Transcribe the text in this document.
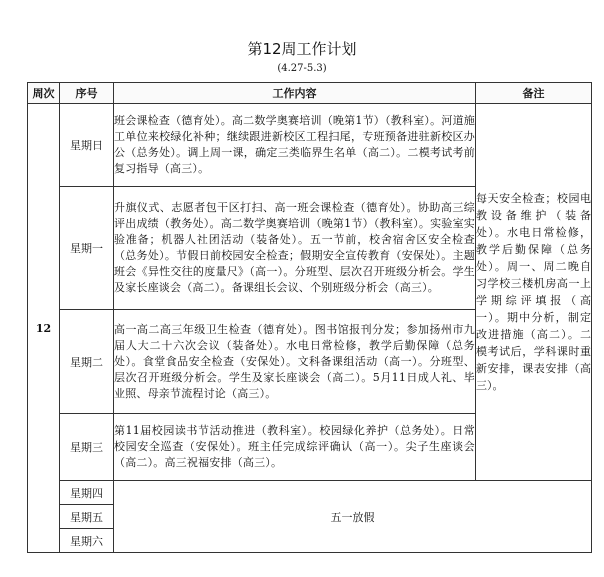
第12周工作计划
(4.27-5.3)
周次	序号	工作内容	备注
12	星期日	班会课检查（德育处）。高二数学奥赛培训（晚第1节）（教科室）。河道施工单位来校绿化补种；继续跟进新校区工程扫尾，专班预备进驻新校区办公（总务处）。调上周一课，确定三类临界生名单（高二）。二模考试考前复习指导（高三）。	每天安全检查；校园电教设备维护（装备处）。水电日常检修，教学后勤保障（总务处）。周一、周二晚自习学校三楼机房高一上学期综评填报（高一）。期中分析，制定改进措施（高二）。二模考试后，学科课时重新安排，课表安排（高三）。
	星期一	升旗仪式、志愿者包干区打扫、高一班会课检查（德育处）。协助高三综评出成绩（教务处）。高二数学奥赛培训（晚第1节）（教科室）。实验室实验准备；机器人社团活动（装备处）。五一节前，校舍宿舍区安全检查（总务处）。节假日前校园安全检查；假期安全宣传教育（安保处）。主题班会《异性交往的度量尺》（高一）。分班型、层次召开班级分析会。学生及家长座谈会（高二）。备课组长会议、个别班级分析会（高三）。	
	星期二	高一高二高三年级卫生检查（德育处）。图书馆报刊分发；参加扬州市九届人大二十六次会议（装备处）。水电日常检修，教学后勤保障（总务处）。食堂食品安全检查（安保处）。文科备课组活动（高一）。分班型、层次召开班级分析会。学生及家长座谈会（高二）。5月11日成人礼、毕业照、母亲节流程讨论（高三）。	
	星期三	第11届校园读书节活动推进（教科室）。校园绿化养护（总务处）。日常校园安全巡查（安保处）。班主任完成综评确认（高一）。尖子生座谈会（高二）。高三祝福安排（高三）。	
	星期四	五一放假	
	星期五		
	星期六		
